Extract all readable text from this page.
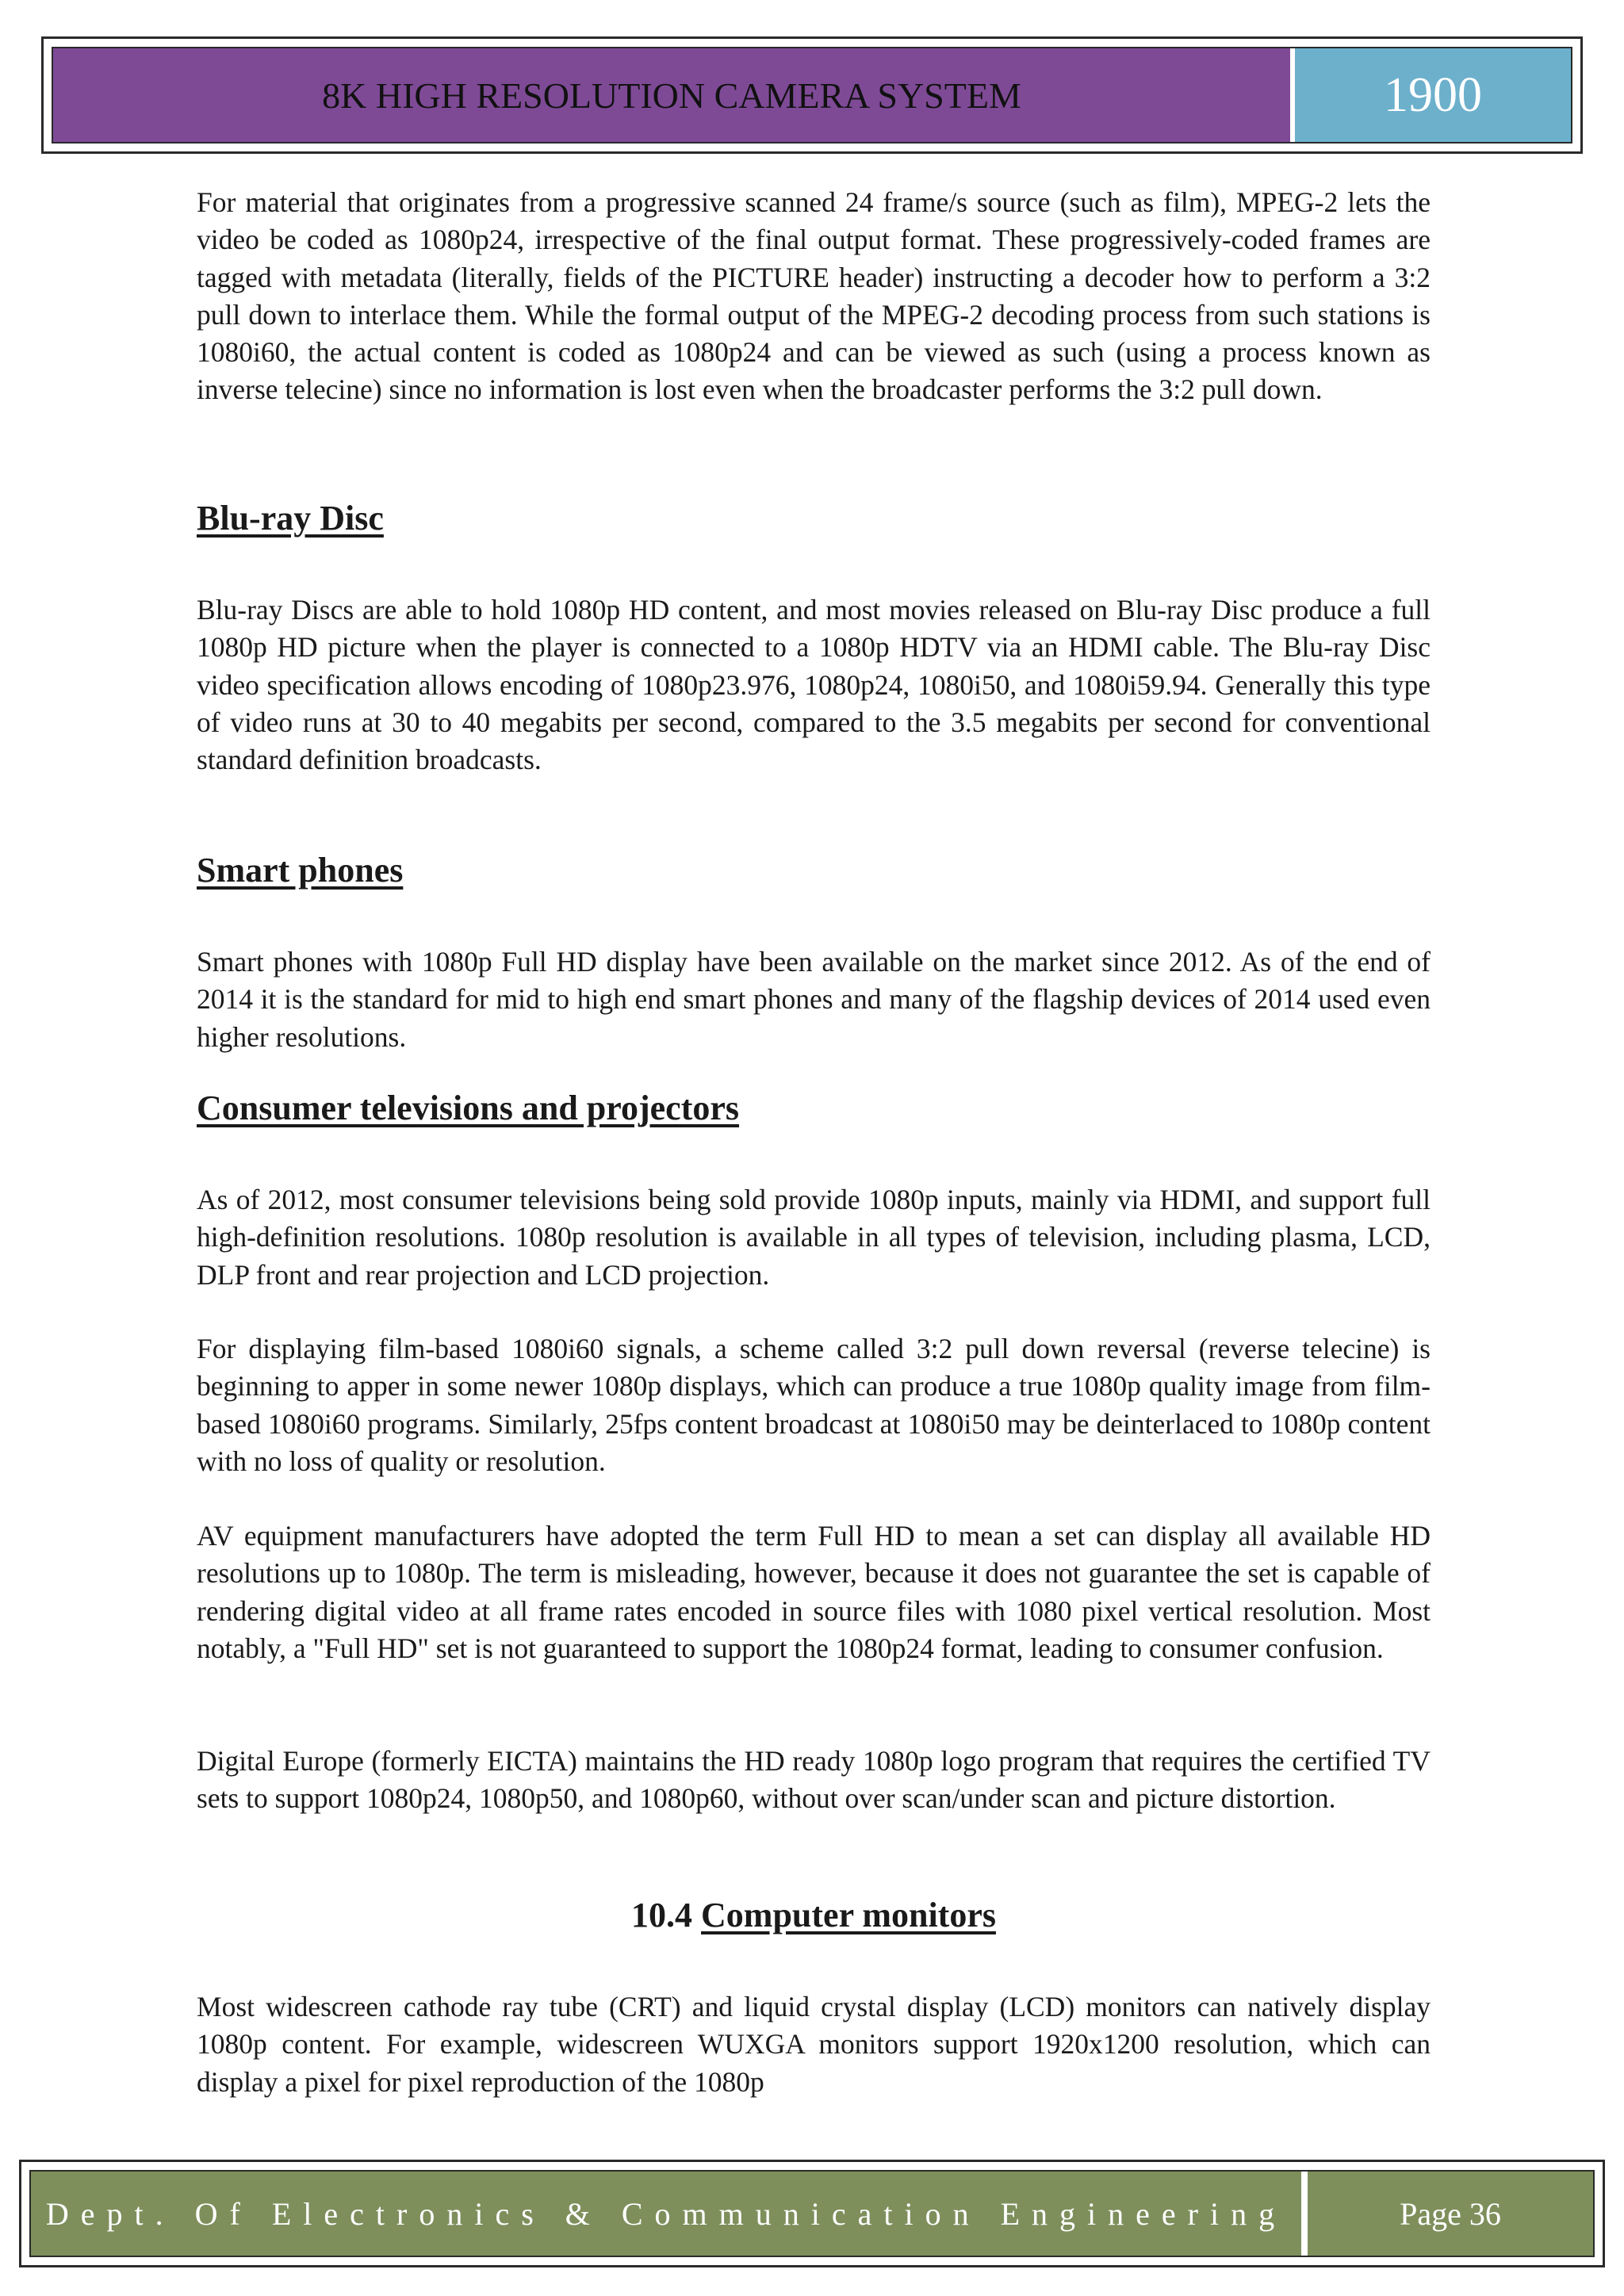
8K HIGH RESOLUTION CAMERA SYSTEM	1900

For material that originates from a progressive scanned 24 frame/s source (such as film), MPEG-2 lets the video be coded as 1080p24, irrespective of the final output format. These progressively-coded frames are tagged with metadata (literally, fields of the PICTURE header) instructing a decoder how to perform a 3:2 pull down to interlace them. While the formal output of the MPEG-2 decoding process from such stations is 1080i60, the actual content is coded as 1080p24 and can be viewed as such (using a process known as inverse telecine) since no information is lost even when the broadcaster performs the 3:2 pull down.

Blu-ray Disc

Blu-ray Discs are able to hold 1080p HD content, and most movies released on Blu-ray Disc produce a full 1080p HD picture when the player is connected to a 1080p HDTV via an HDMI cable. The Blu-ray Disc video specification allows encoding of 1080p23.976, 1080p24, 1080i50, and 1080i59.94. Generally this type of video runs at 30 to 40 megabits per second, compared to the 3.5 megabits per second for conventional standard definition broadcasts.

Smart phones

Smart phones with 1080p Full HD display have been available on the market since 2012. As of the end of 2014 it is the standard for mid to high end smart phones and many of the flagship devices of 2014 used even higher resolutions.

Consumer televisions and projectors

As of 2012, most consumer televisions being sold provide 1080p inputs, mainly via HDMI, and support full high-definition resolutions. 1080p resolution is available in all types of television, including plasma, LCD, DLP front and rear projection and LCD projection.

For displaying film-based 1080i60 signals, a scheme called 3:2 pull down reversal (reverse telecine) is beginning to apper in some newer 1080p displays, which can produce a true 1080p quality image from film-based 1080i60 programs. Similarly, 25fps content broadcast at 1080i50 may be deinterlaced to 1080p content with no loss of quality or resolution.

AV equipment manufacturers have adopted the term Full HD to mean a set can display all available HD resolutions up to 1080p. The term is misleading, however, because it does not guarantee the set is capable of rendering digital video at all frame rates encoded in source files with 1080 pixel vertical resolution. Most notably, a "Full HD" set is not guaranteed to support the 1080p24 format, leading to consumer confusion.

Digital Europe (formerly EICTA) maintains the HD ready 1080p logo program that requires the certified TV sets to support 1080p24, 1080p50, and 1080p60, without over scan/under scan and picture distortion.

10.4 Computer monitors

Most widescreen cathode ray tube (CRT) and liquid crystal display (LCD) monitors can natively display 1080p content. For example, widescreen WUXGA monitors support 1920x1200 resolution, which can display a pixel for pixel reproduction of the 1080p

Dept. Of Electronics & Communication Engineering	Page 36
